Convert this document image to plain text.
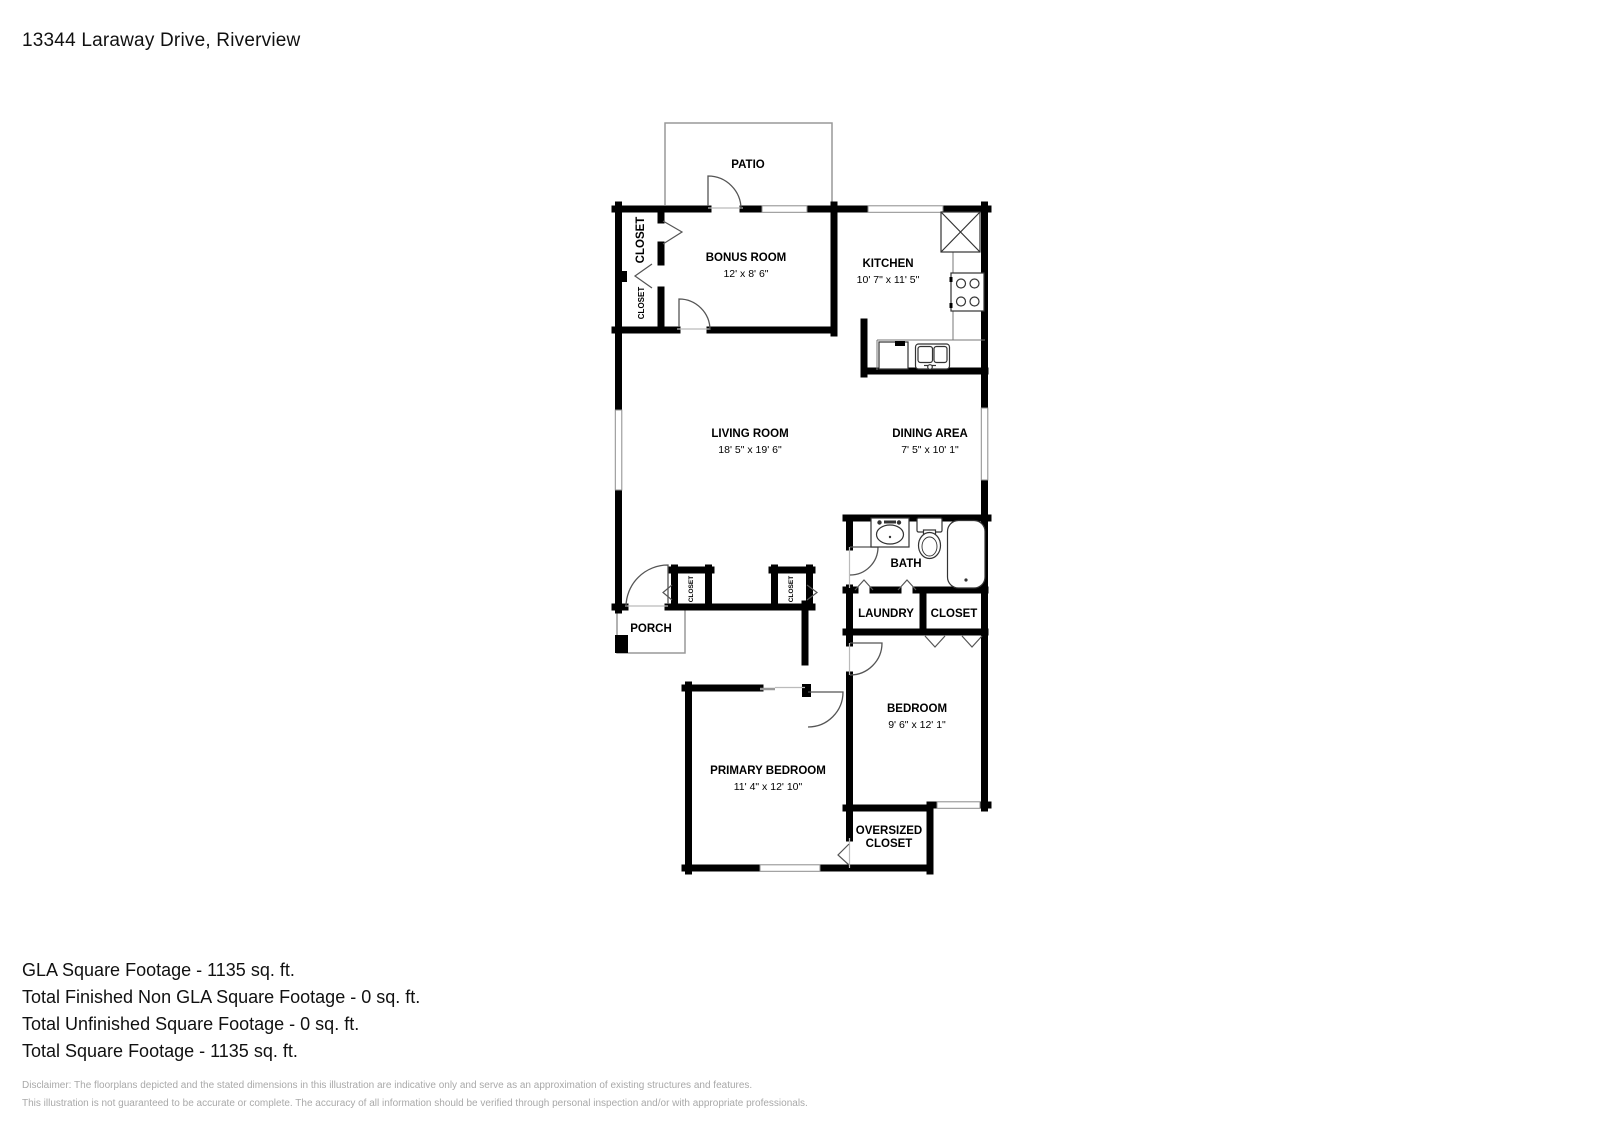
13344 Laraway Drive, Riverview
PATIO
CLOSET
CLOSET
BONUS ROOM
12' x 8' 6"
KITCHEN
10' 7" x 11' 5"
LIVING ROOM
18' 5" x 19' 6"
DINING AREA
7' 5" x 10' 1"
BATH
LAUNDRY CLOSET
PORCH
CLOSET	CLOSET
BEDROOM
9' 6" x 12' 1"
PRIMARY BEDROOM
11' 4" x 12' 10"
OVERSIZED
CLOSET
GLA Square Footage - 1135 sq. ft.
Total Finished Non GLA Square Footage - 0 sq. ft.
Total Unfinished Square Footage - 0 sq. ft.
Total Square Footage - 1135 sq. ft.
Disclaimer: The floorplans depicted and the stated dimensions in this illustration are indicative only and serve as an approximation of existing structures and features.
This illustration is not guaranteed to be accurate or complete. The accuracy of all information should be verified through personal inspection and/or with appropriate professionals.
